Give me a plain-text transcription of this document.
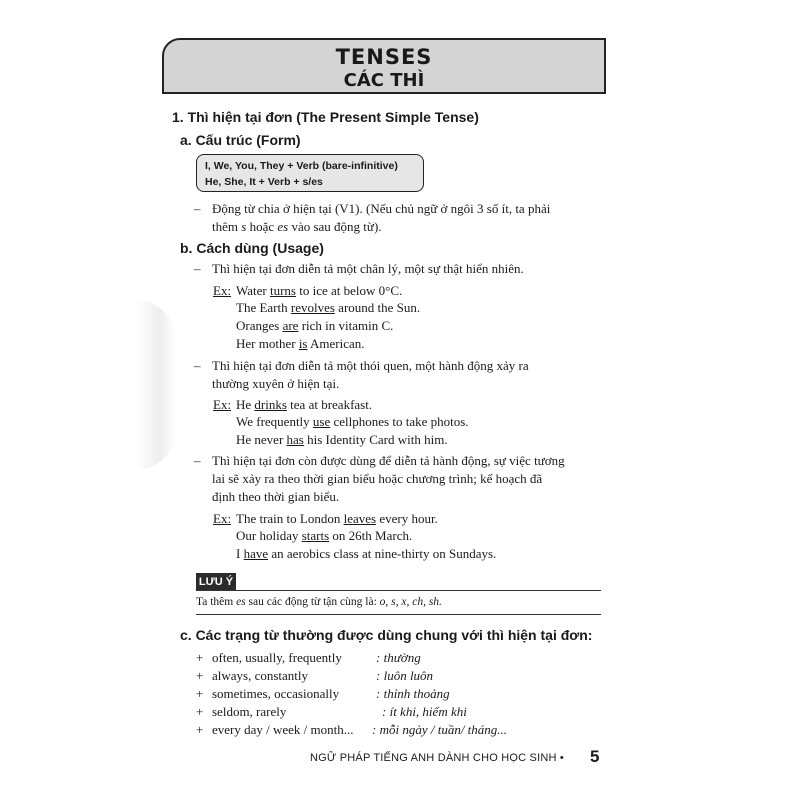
TENSES
CÁC THÌ
1. Thì hiện tại đơn (The Present Simple Tense)
a. Cấu trúc (Form)
I, We, You, They + Verb (bare-infinitive)
He, She, It + Verb + s/es
– Động từ chia ở hiện tại (V1). (Nếu chủ ngữ ở ngôi 3 số ít, ta phải
thêm s hoặc es vào sau động từ).
b. Cách dùng (Usage)
– Thì hiện tại đơn diễn tả một chân lý, một sự thật hiển nhiên.
Ex: Water turns to ice at below 0°C.
The Earth revolves around the Sun.
Oranges are rich in vitamin C.
Her mother is American.
– Thì hiện tại đơn diễn tả một thói quen, một hành động xảy ra
thường xuyên ở hiện tại.
Ex: He drinks tea at breakfast.
We frequently use cellphones to take photos.
He never has his Identity Card with him.
– Thì hiện tại đơn còn được dùng để diễn tả hành động, sự việc tương
lai sẽ xảy ra theo thời gian biểu hoặc chương trình; kế hoạch đã
định theo thời gian biểu.
Ex: The train to London leaves every hour.
Our holiday starts on 26th March.
I have an aerobics class at nine-thirty on Sundays.
LƯU Ý
Ta thêm es sau các động từ tận cùng là: o, s, x, ch, sh.
c. Các trạng từ thường được dùng chung với thì hiện tại đơn:
+ often, usually, frequently	: thường
+ always, constantly	: luôn luôn
+ sometimes, occasionally	: thỉnh thoảng
+ seldom, rarely	: ít khi, hiếm khi
+ every day / week / month... : mỗi ngày / tuần/ tháng...
NGỮ PHÁP TIẾNG ANH DÀNH CHO HỌC SINH • 5
